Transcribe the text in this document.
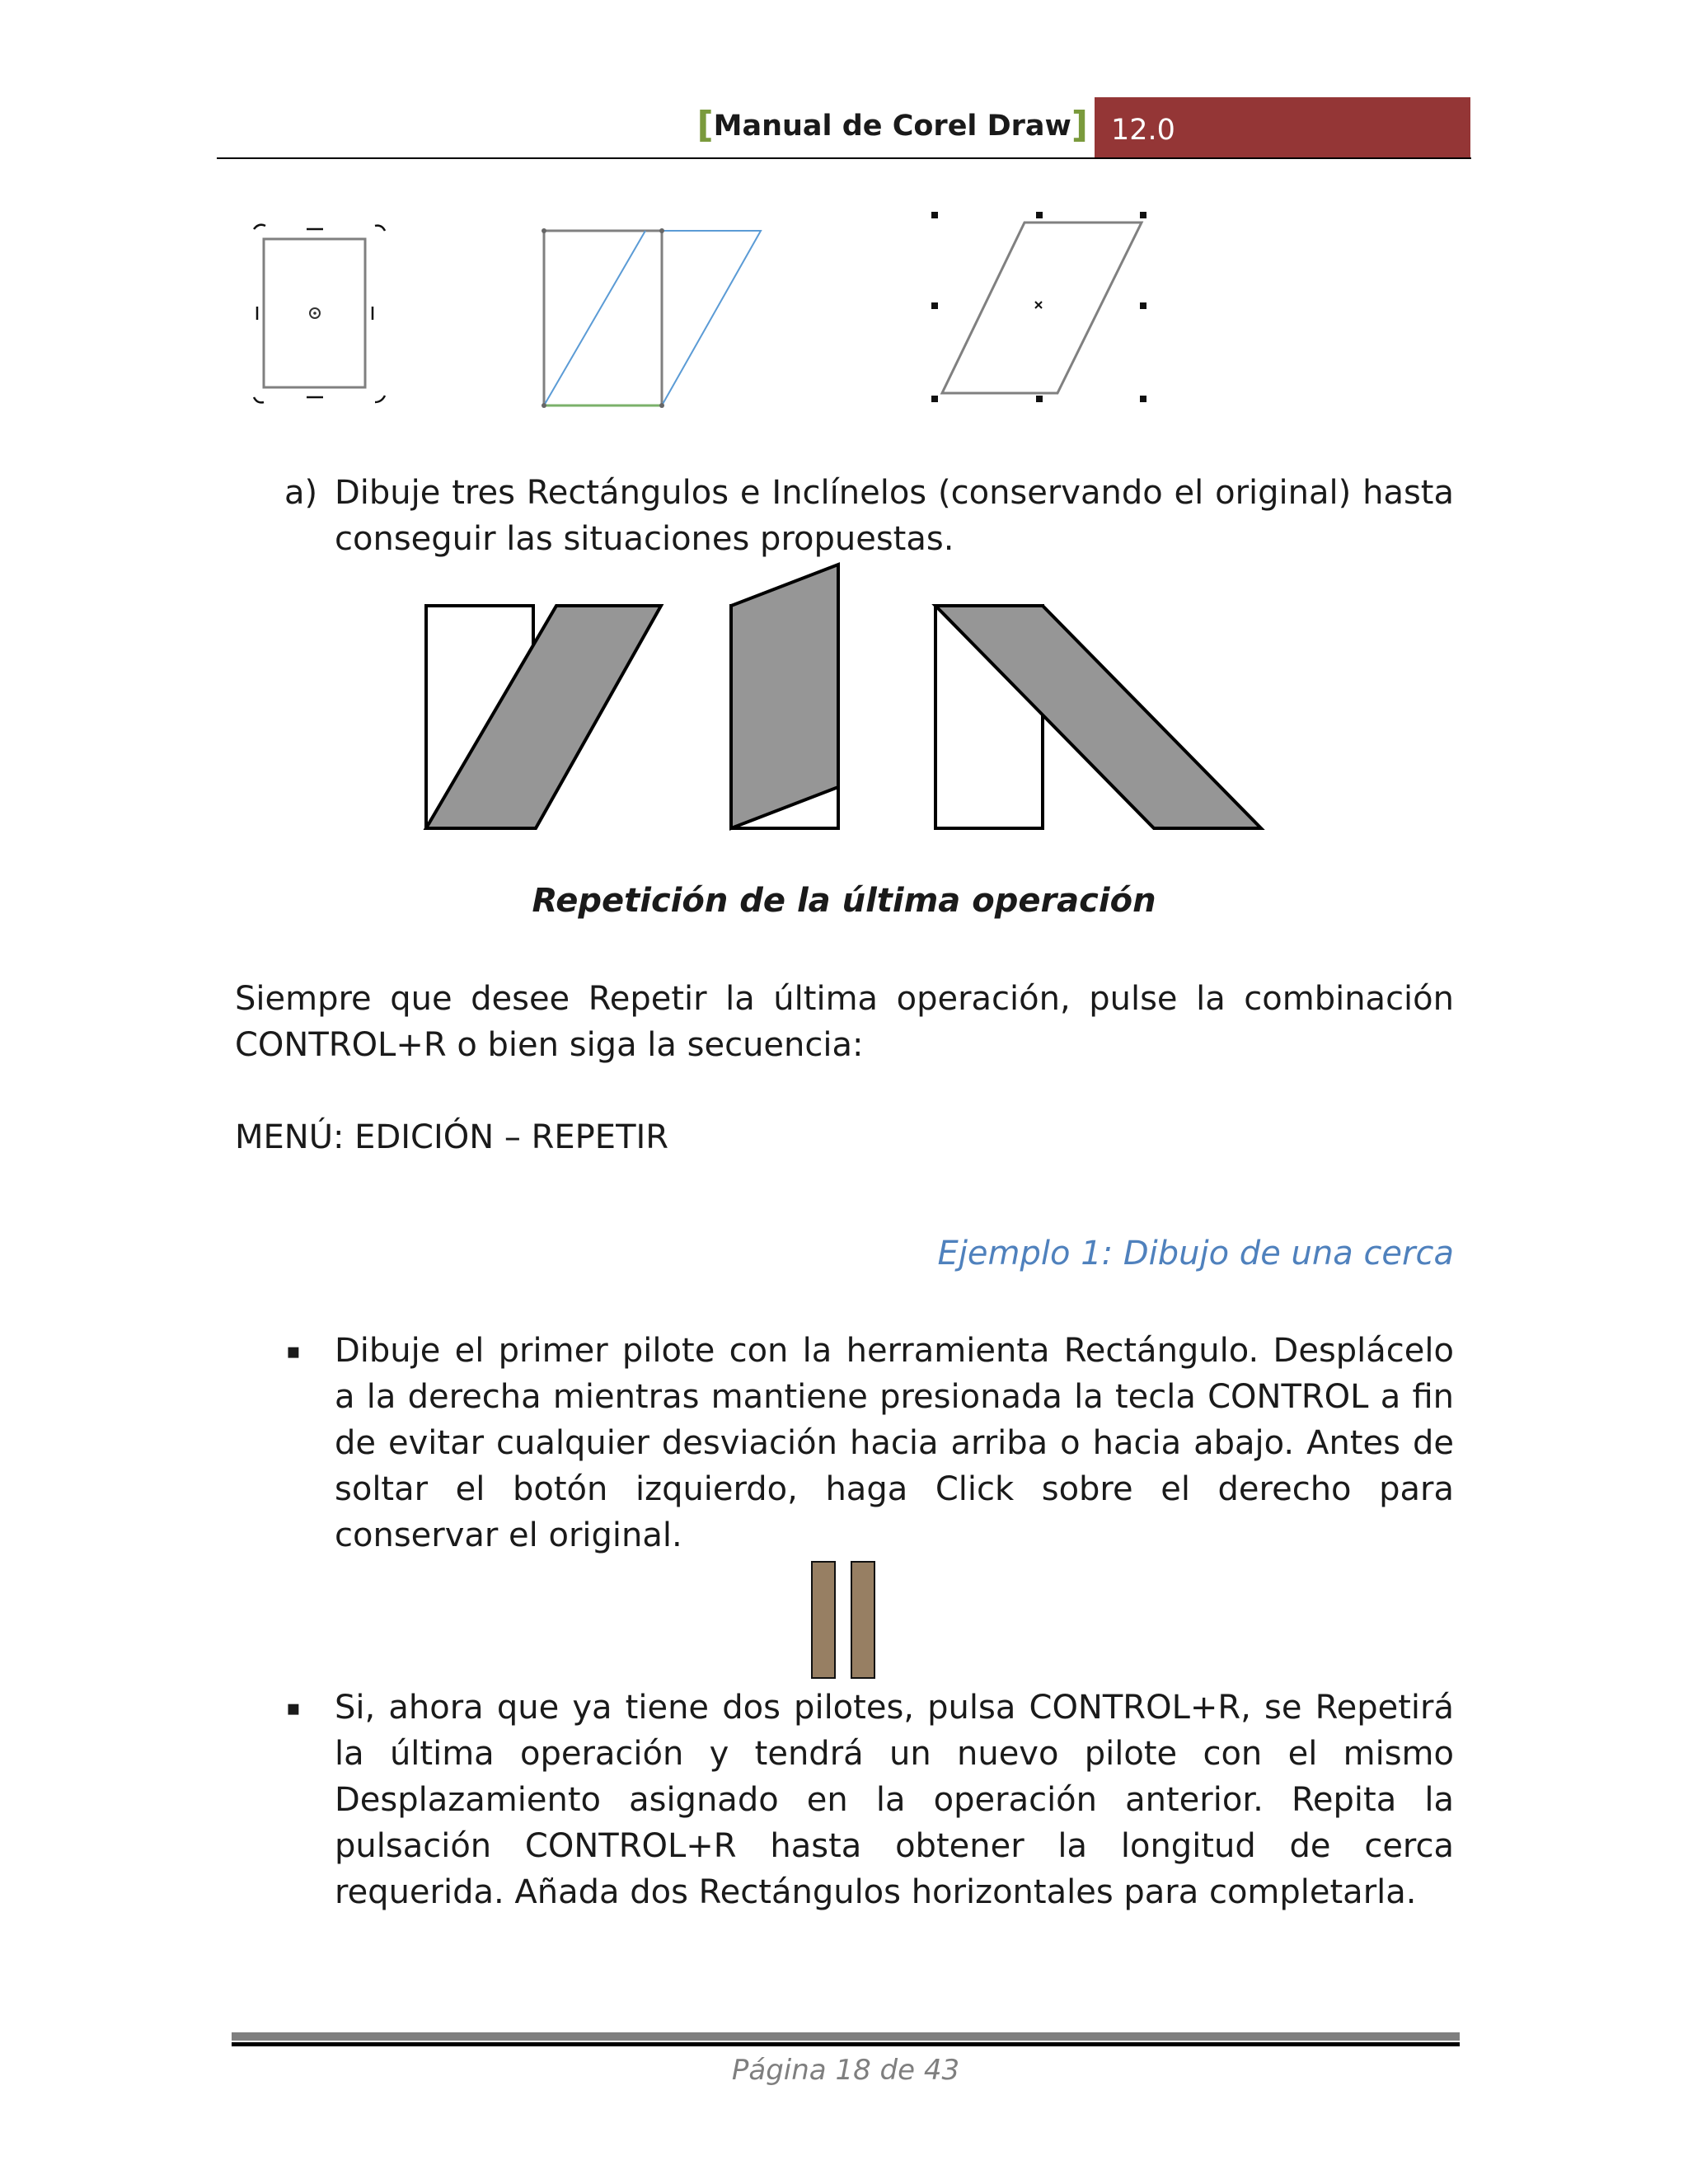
[Manual de Corel Draw] 12.0
a) Dibuje tres Rectángulos e Inclínelos (conservando el original) hasta conseguir las situaciones propuestas.
Repetición de la última operación
Siempre que desee Repetir la última operación, pulse la combinación CONTROL+R o bien siga la secuencia:
MENÚ: EDICIÓN – REPETIR
Ejemplo 1: Dibujo de una cerca
▪ Dibuje el primer pilote con la herramienta Rectángulo. Desplácelo a la derecha mientras mantiene presionada la tecla CONTROL a fin de evitar cualquier desviación hacia arriba o hacia abajo. Antes de soltar el botón izquierdo, haga Click sobre el derecho para conservar el original.
▪ Si, ahora que ya tiene dos pilotes, pulsa CONTROL+R, se Repetirá la última operación y tendrá un nuevo pilote con el mismo Desplazamiento asignado en la operación anterior. Repita la pulsación CONTROL+R hasta obtener la longitud de cerca requerida. Añada dos Rectángulos horizontales para completarla.
Página 18 de 43
